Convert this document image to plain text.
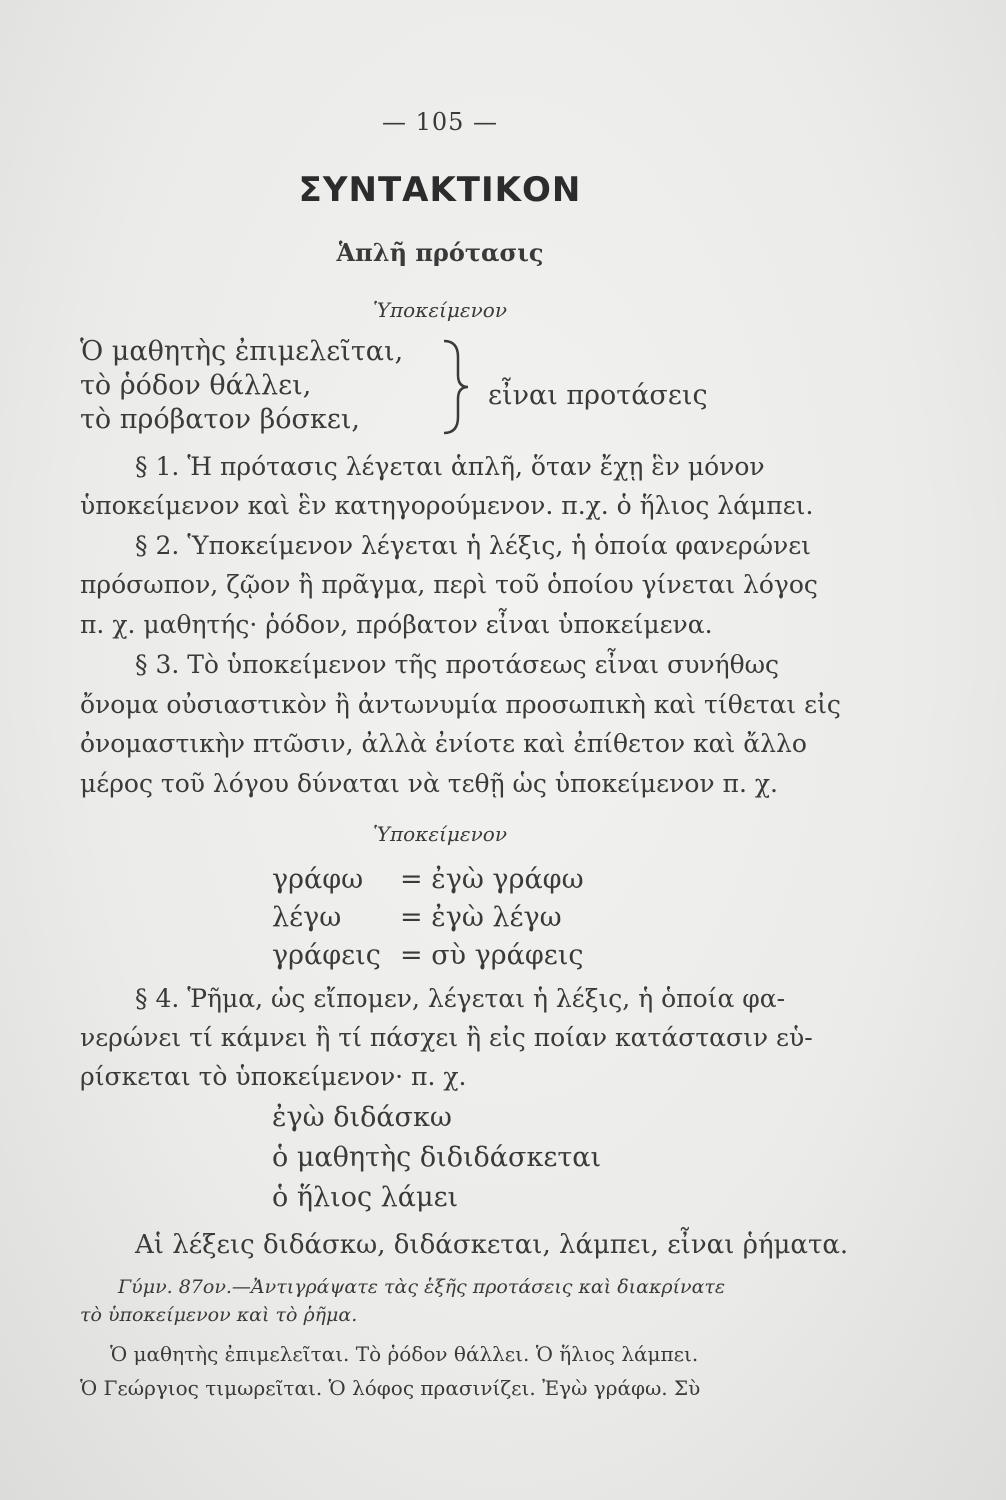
— 105 —
ΣΥΝΤΑΚΤΙΚΟΝ
Ἁπλῆ πρότασις
Ὑποκείμενον
Ὁ μαθητὴς ἐπιμελεῖται,
τὸ ῥόδον θάλλει,
τὸ πρόβατον βόσκει,
εἶναι προτάσεις
§ 1. Ἡ πρότασις λέγεται ἁπλῆ, ὅταν ἔχῃ ἓν μόνον
ὑποκείμενον καὶ ἓν κατηγορούμενον. π.χ. ὁ ἥλιος λάμπει.
§ 2. Ὑποκείμενον λέγεται ἡ λέξις, ἡ ὁποία φανερώνει
πρόσωπον, ζῷον ἢ πρᾶγμα, περὶ τοῦ ὁποίου γίνεται λόγος
π. χ. μαθητής· ῥόδον, πρόβατον εἶναι ὑποκείμενα.
§ 3. Τὸ ὑποκείμενον τῆς προτάσεως εἶναι συνήθως
ὄνομα οὐσιαστικὸν ἢ ἀντωνυμία προσωπικὴ καὶ τίθεται εἰς
ὀνομαστικὴν πτῶσιν, ἀλλὰ ἐνίοτε καὶ ἐπίθετον καὶ ἄλλο
μέρος τοῦ λόγου δύναται νὰ τεθῇ ὡς ὑποκείμενον π. χ.
Ὑποκείμενον
γράφω = ἐγὼ γράφω
λέγω = ἐγὼ λέγω
γράφεις = σὺ γράφεις
§ 4. Ῥῆμα, ὡς εἴπομεν, λέγεται ἡ λέξις, ἡ ὁποία φα-
νερώνει τί κάμνει ἢ τί πάσχει ἢ εἰς ποίαν κατάστασιν εὑ-
ρίσκεται τὸ ὑποκείμενον· π. χ.
ἐγὼ διδάσκω
ὁ μαθητὴς διδιδάσκεται
ὁ ἥλιος λάμει
Αἱ λέξεις διδάσκω, διδάσκεται, λάμπει, εἶναι ῥήματα.
Γύμν. 87ον.—Ἀντιγράψατε τὰς ἑξῆς προτάσεις καὶ διακρίνατε
τὸ ὑποκείμενον καὶ τὸ ῥῆμα.
Ὁ μαθητὴς ἐπιμελεῖται. Τὸ ῥόδον θάλλει. Ὁ ἥλιος λάμπει.
Ὁ Γεώργιος τιμωρεῖται. Ὁ λόφος πρασινίζει. Ἐγὼ γράφω. Σὺ
